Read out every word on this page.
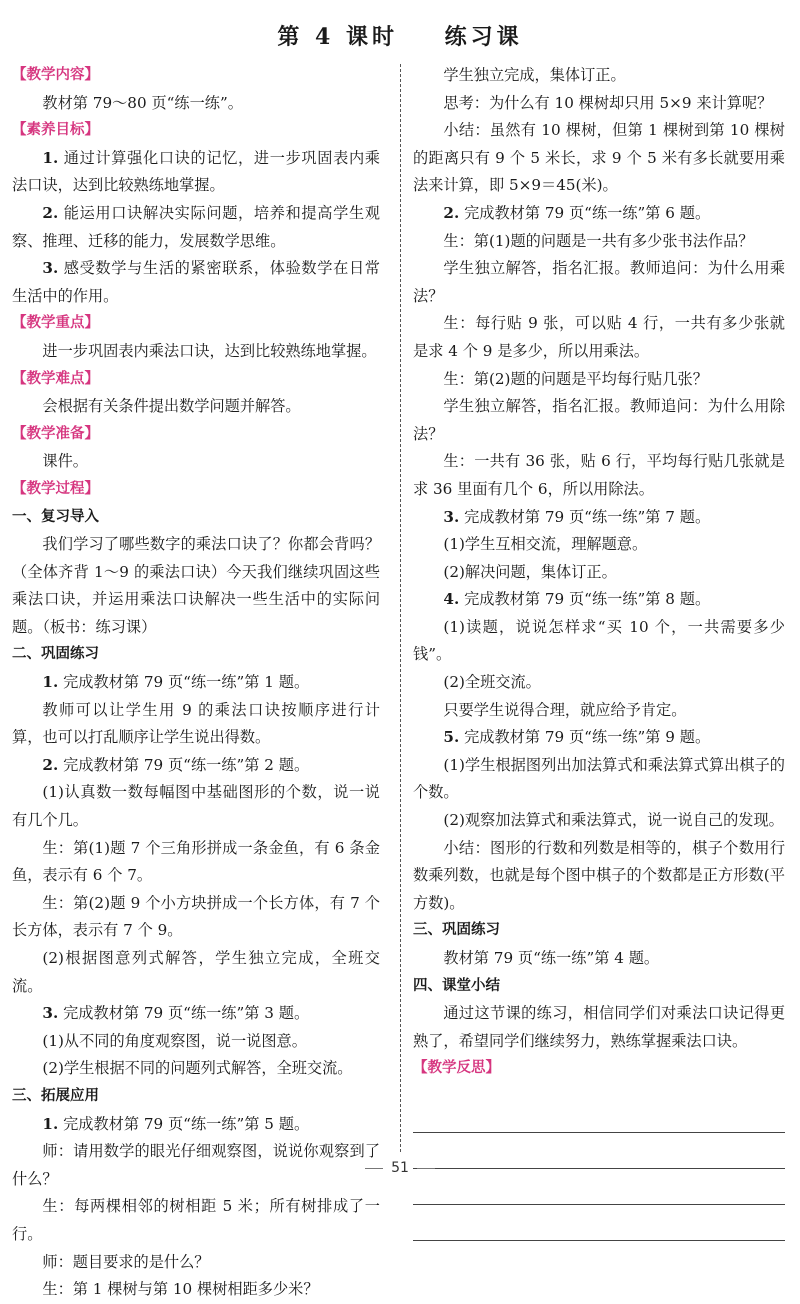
第 4 课时    练习课
【教学内容】
教材第 79～80 页“练一练”。
【素养目标】
1. 通过计算强化口诀的记忆，进一步巩固表内乘法口诀，达到比较熟练地掌握。
2. 能运用口诀解决实际问题，培养和提高学生观察、推理、迁移的能力，发展数学思维。
3. 感受数学与生活的紧密联系，体验数学在日常生活中的作用。
【教学重点】
进一步巩固表内乘法口诀，达到比较熟练地掌握。
【教学难点】
会根据有关条件提出数学问题并解答。
【教学准备】
课件。
【教学过程】
一、复习导入
我们学习了哪些数字的乘法口诀了？你都会背吗？（全体齐背 1～9 的乘法口诀）今天我们继续巩固这些乘法口诀，并运用乘法口诀解决一些生活中的实际问题。（板书：练习课）
二、巩固练习
1. 完成教材第 79 页“练一练”第 1 题。
教师可以让学生用 9 的乘法口诀按顺序进行计算，也可以打乱顺序让学生说出得数。
2. 完成教材第 79 页“练一练”第 2 题。
(1)认真数一数每幅图中基础图形的个数，说一说有几个几。
生：第(1)题 7 个三角形拼成一条金鱼，有 6 条金鱼，表示有 6 个 7。
生：第(2)题 9 个小方块拼成一个长方体，有 7 个长方体，表示有 7 个 9。
(2)根据图意列式解答，学生独立完成，全班交流。
3. 完成教材第 79 页“练一练”第 3 题。
(1)从不同的角度观察图，说一说图意。
(2)学生根据不同的问题列式解答，全班交流。
三、拓展应用
1. 完成教材第 79 页“练一练”第 5 题。
师：请用数学的眼光仔细观察图，说说你观察到了什么？
生：每两棵相邻的树相距 5 米；所有树排成了一行。
师：题目要求的是什么？
生：第 1 棵树与第 10 棵树相距多少米？
学生独立完成，集体订正。
思考：为什么有 10 棵树却只用 5×9 来计算呢？
小结：虽然有 10 棵树，但第 1 棵树到第 10 棵树的距离只有 9 个 5 米长，求 9 个 5 米有多长就要用乘法来计算，即 5×9＝45(米)。
2. 完成教材第 79 页“练一练”第 6 题。
生：第(1)题的问题是一共有多少张书法作品？
学生独立解答，指名汇报。教师追问：为什么用乘法？
生：每行贴 9 张，可以贴 4 行，一共有多少张就是求 4 个 9 是多少，所以用乘法。
生：第(2)题的问题是平均每行贴几张？
学生独立解答，指名汇报。教师追问：为什么用除法？
生：一共有 36 张，贴 6 行，平均每行贴几张就是求 36 里面有几个 6，所以用除法。
3. 完成教材第 79 页“练一练”第 7 题。
(1)学生互相交流，理解题意。
(2)解决问题，集体订正。
4. 完成教材第 79 页“练一练”第 8 题。
(1)读题，说说怎样求“买 10 个，一共需要多少钱”。
(2)全班交流。
只要学生说得合理，就应给予肯定。
5. 完成教材第 79 页“练一练”第 9 题。
(1)学生根据图列出加法算式和乘法算式算出棋子的个数。
(2)观察加法算式和乘法算式，说一说自己的发现。
小结：图形的行数和列数是相等的，棋子个数用行数乘列数，也就是每个图中棋子的个数都是正方形数(平方数)。
三、巩固练习
教材第 79 页“练一练”第 4 题。
四、课堂小结
通过这节课的练习，相信同学们对乘法口诀记得更熟了，希望同学们继续努力，熟练掌握乘法口诀。
【教学反思】
51
